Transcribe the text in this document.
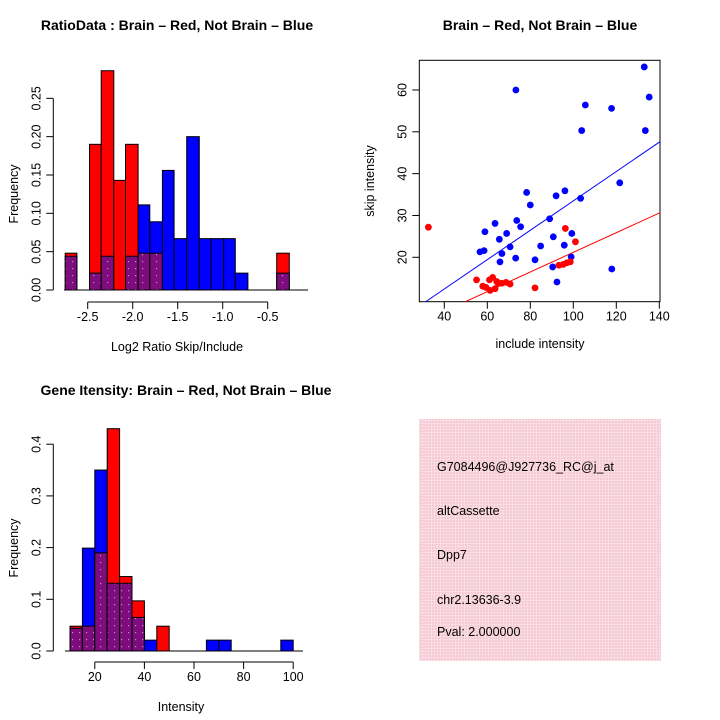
0.00
0.05
0.10
0.15
0.20
0.25
-2.5 -2.0 -1.5 -1.0 -0.5
RatioData : Brain – Red, Not Brain – Blue
Log2 Ratio Skip/Include
Frequency
40 60 80 100 120 140
20
30
40
50
60
Brain – Red, Not Brain – Blue
include intensity
skip intensity
0.0
0.1
0.2
0.3
0.4
20	40	60	80	100
Gene Itensity: Brain – Red, Not Brain – Blue
Intensity
Frequency
G7084496@J927736_RC@j_at
altCassette
Dpp7
chr2.13636-3.9
Pval: 2.000000
